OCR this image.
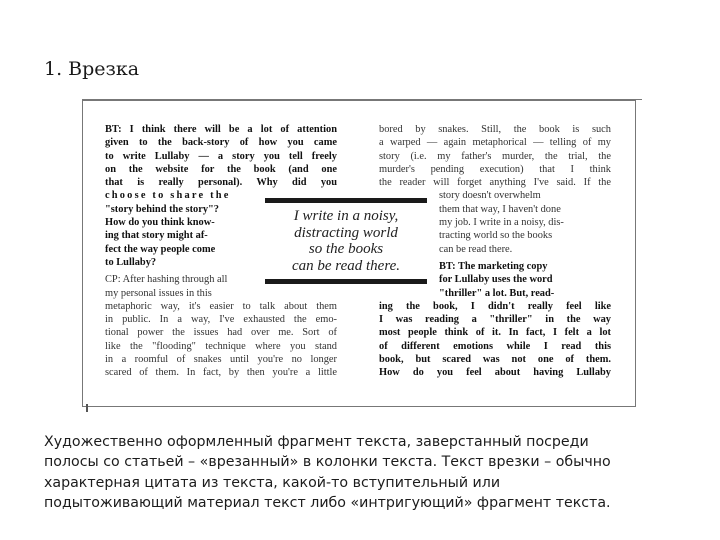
1. Врезка

BT: I think there will be a lot of attention
given to the back-story of how you came
to write Lullaby — a story you tell freely
on the website for the book (and one
that is really personal). Why did you
choose to share the
"story behind the story"?
How do you think know-
ing that story might af-
fect the way people come
to Lullaby?

CP: After hashing through all
my personal issues in this
metaphoric way, it's easier to talk about them
in public. In a way, I've exhausted the emo-
tional power the issues had over me. Sort of
like the "flooding" technique where you stand
in a roomful of snakes until you're no longer
scared of them. In fact, by then you're a little

I write in a noisy,
distracting world
so the books
can be read there.

bored by snakes. Still, the book is such
a warped — again metaphorical — telling of my
story (i.e. my father's murder, the trial, the
murder's pending execution) that I think
the reader will forget anything I've said. If the
story doesn't overwhelm
them that way, I haven't done
my job. I write in a noisy, dis-
tracting world so the books
can be read there.

BT: The marketing copy
for Lullaby uses the word
"thriller" a lot. But, read-
ing the book, I didn't really feel like
I was reading a "thriller" in the way
most people think of it. In fact, I felt a lot
of different emotions while I read this
book, but scared was not one of them.
How do you feel about having Lullaby

Художественно оформленный фрагмент текста, заверстанный посреди
полосы со статьей – «врезанный» в колонки текста. Текст врезки – обычно
характерная цитата из текста, какой-то вступительный или
подытоживающий материал текст либо «интригующий» фрагмент текста.
